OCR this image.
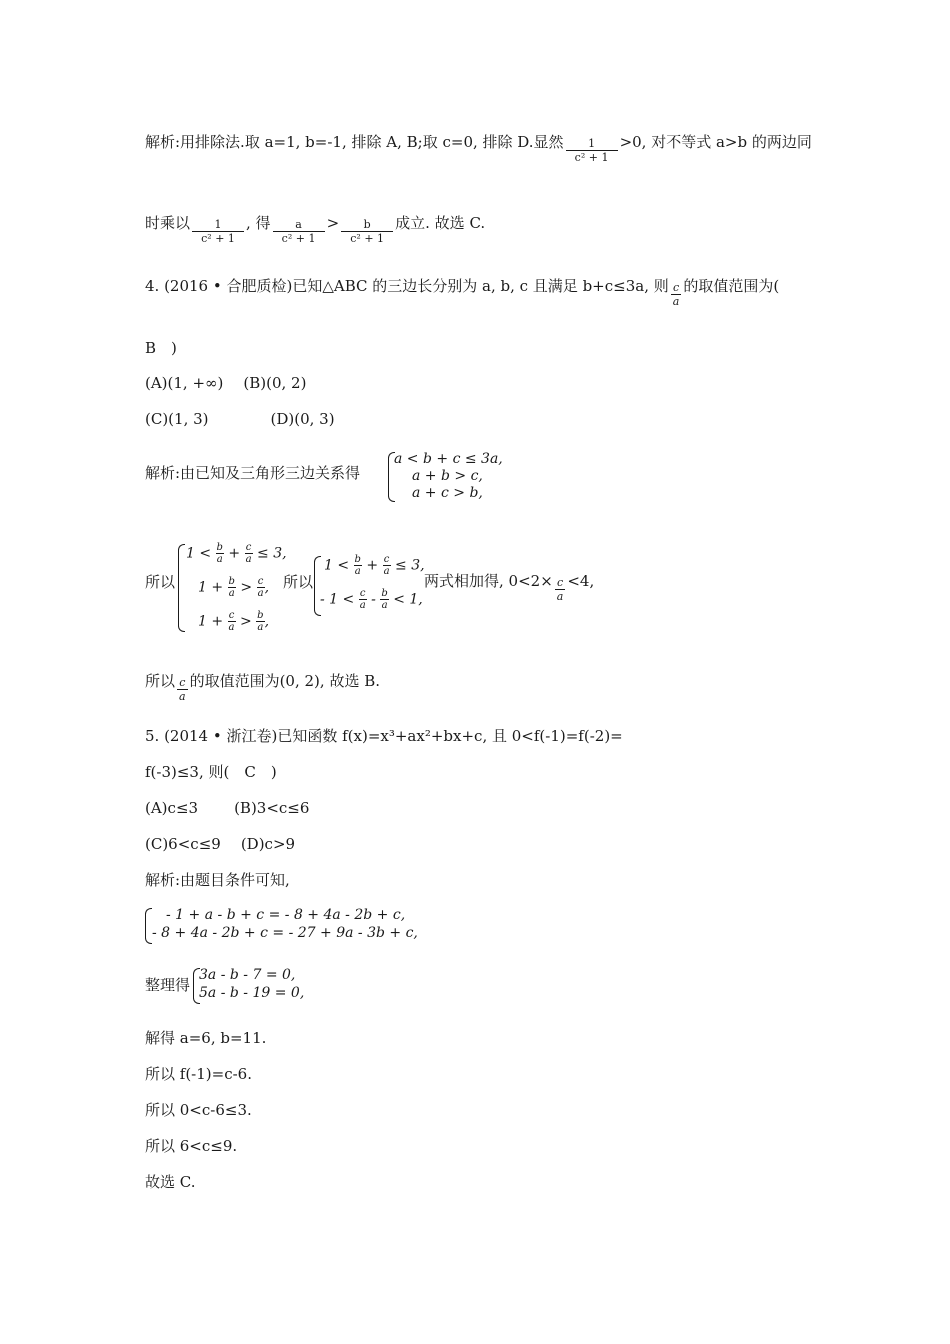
解析:用排除法.取 a=1, b=-1, 排除 A, B;取 c=0, 排除 D.显然 $\frac{1}{\text{c² + 1}} >0$, 对不等式 a>b 的两边同
时乘以 $\frac{1}{\text{c² + 1}}$ , 得 $\frac{a}{\text{c² + 1}} > \frac{b}{\text{c² + 1}}$ 成立. 故选 C.
4. (2016 • 合肥质检)已知△ABC 的三边长分别为 a, b, c 且满足 b+c≤3a, 则 $\frac{c}{a}$ 的取值范围为(
B　)
(A)(1, +∞) (B)(0, 2)
(C)(1, 3)	(D)(0, 3)
解析:由已知及三角形三边关系得
a < b + c ≤ 3a,
a + b > c,
a + c > b,
所以
$1 < \frac{b}{a} + \frac{c}{a} \le 3$,
$1 + \frac{b}{a} > \frac{c}{a}$ ,
$1 + \frac{c}{a} > \frac{b}{a}$ ,
所以
$1 < \frac{b}{a} + \frac{c}{a} \le 3$,
- $1 < \frac{c}{a} - \frac{b}{a} < 1$,
两式相加得, $0<2\times \frac{c}{a} <4$,
所以 $\frac{c}{a}$ 的取值范围为(0, 2), 故选 B.
5. (2014 • 浙江卷)已知函数 f(x)=x³+ax²+bx+c, 且 0<f(-1)=f(-2)=
f(-3)≤3, 则(　C　)
(A)c≤3 (B)3<c≤6
(C)6<c≤9 (D)c>9
解析:由题目条件可知,
- 1 + a - b + c = - 8 + 4a - 2b + c,
- 8 + 4a - 2b + c = - 27 + 9a - 3b + c,
整理得
3a - b - 7 = 0,
5a - b - 19 = 0,
解得 a=6, b=11.
所以 f(-1)=c-6.
所以 0<c-6≤3.
所以 6<c≤9.
故选 C.
